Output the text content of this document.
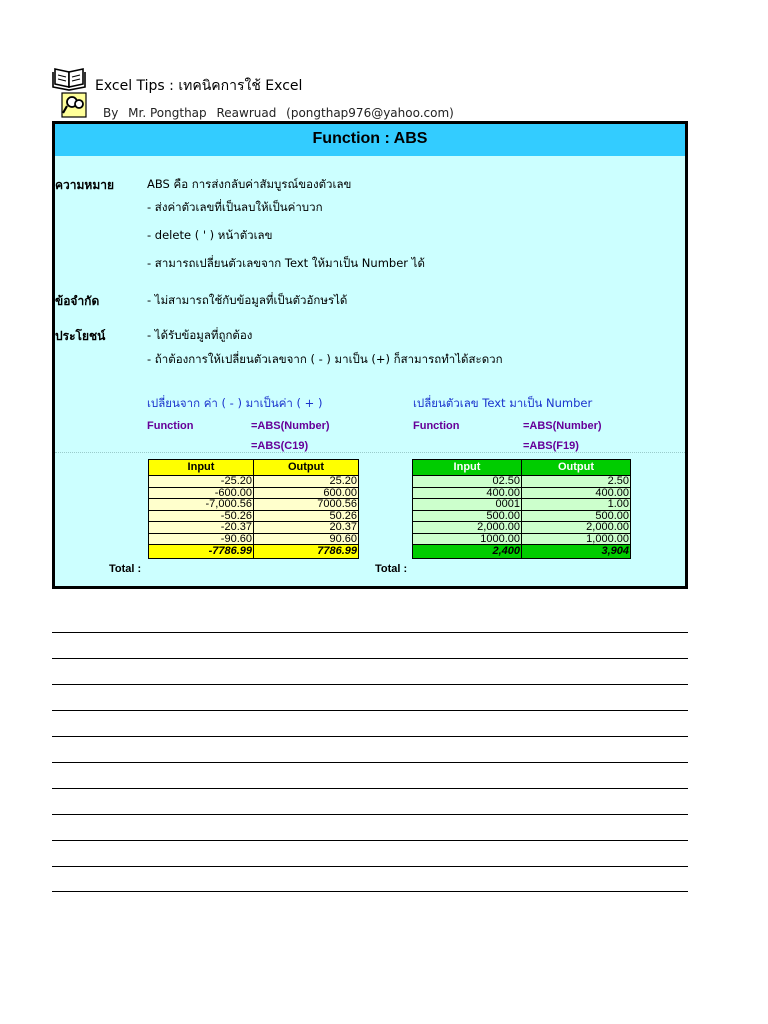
Excel Tips : เทคนิคการใช้ Excel
By Mr. Pongthap Reawruad (pongthap976@yahoo.com)
Function : ABS
ความหมาย	ABS คือ การส่งกลับค่าสัมบูรณ์ของตัวเลข
- ส่งค่าตัวเลขที่เป็นลบให้เป็นค่าบวก
- delete ( ' ) หน้าตัวเลข
- สามารถเปลี่ยนตัวเลขจาก Text ให้มาเป็น Number ได้
ข้อจำกัด	- ไม่สามารถใช้กับข้อมูลที่เป็นตัวอักษรได้
ประโยชน์	- ได้รับข้อมูลที่ถูกต้อง
- ถ้าต้องการให้เปลี่ยนตัวเลขจาก ( - ) มาเป็น (+) ก็สามารถทำได้สะดวก
เปลี่ยนจาก ค่า ( - ) มาเป็นค่า ( + )
Function	=ABS(Number)
=ABS(C19)
เปลี่ยนตัวเลข Text มาเป็น Number
Function	=ABS(Number)
=ABS(F19)
Input	Output
-25.20	25.20
-600.00	600.00
-7,000.56	7000.56
-50.26	50.26
-20.37	20.37
-90.60	90.60
-7786.99	7786.99
Total :
Input	Output
02.50	2.50
400.00	400.00
0001	1.00
500.00	500.00
2,000.00	2,000.00
1000.00	1,000.00
2,400	3,904
Total :
